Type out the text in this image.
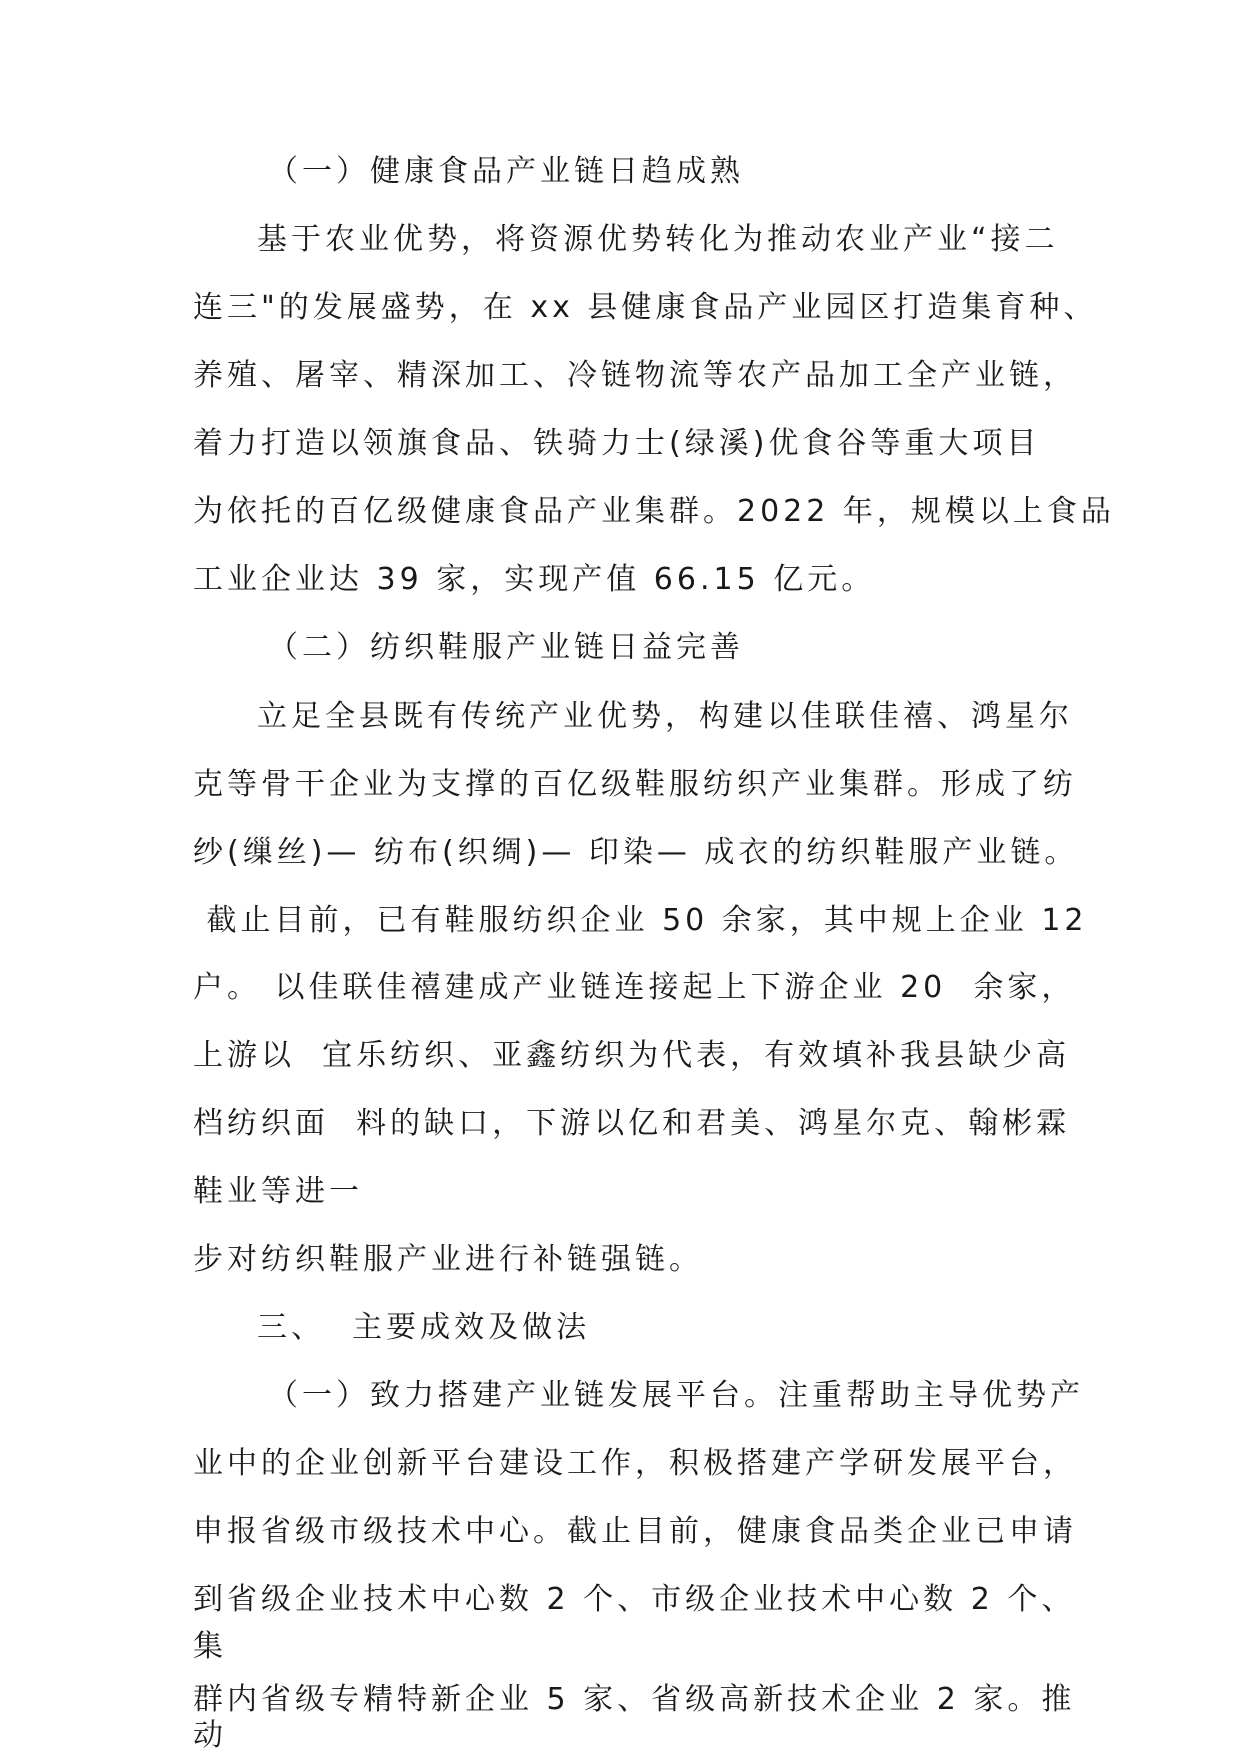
（一）健康食品产业链日趋成熟
基于农业优势，将资源优势转化为推动农业产业“接二
连三"的发展盛势，在 xx 县健康食品产业园区打造集育种、
养殖、屠宰、精深加工、冷链物流等农产品加工全产业链，
着力打造以领旗食品、铁骑力士(绿溪)优食谷等重大项目
为依托的百亿级健康食品产业集群。2022 年，规模以上食品
工业企业达 39 家，实现产值 66.15 亿元。
（二）纺织鞋服产业链日益完善
立足全县既有传统产业优势，构建以佳联佳禧、鸿星尔
克等骨干企业为支撑的百亿级鞋服纺织产业集群。形成了纺
纱(缫丝)— 纺布(织绸)— 印染— 成衣的纺织鞋服产业链。
截止目前，已有鞋服纺织企业 50 余家，其中规上企业 12
户。 以佳联佳禧建成产业链连接起上下游企业 20  余家，
上游以  宜乐纺织、亚鑫纺织为代表，有效填补我县缺少高
档纺织面  料的缺口，下游以亿和君美、鸿星尔克、翰彬霖
鞋业等进一
步对纺织鞋服产业进行补链强链。
三、  主要成效及做法
（一）致力搭建产业链发展平台。注重帮助主导优势产
业中的企业创新平台建设工作，积极搭建产学研发展平台，
申报省级市级技术中心。截止目前，健康食品类企业已申请
到省级企业技术中心数 2 个、市级企业技术中心数 2 个、
集
群内省级专精特新企业 5 家、省级高新技术企业 2 家。推
动
